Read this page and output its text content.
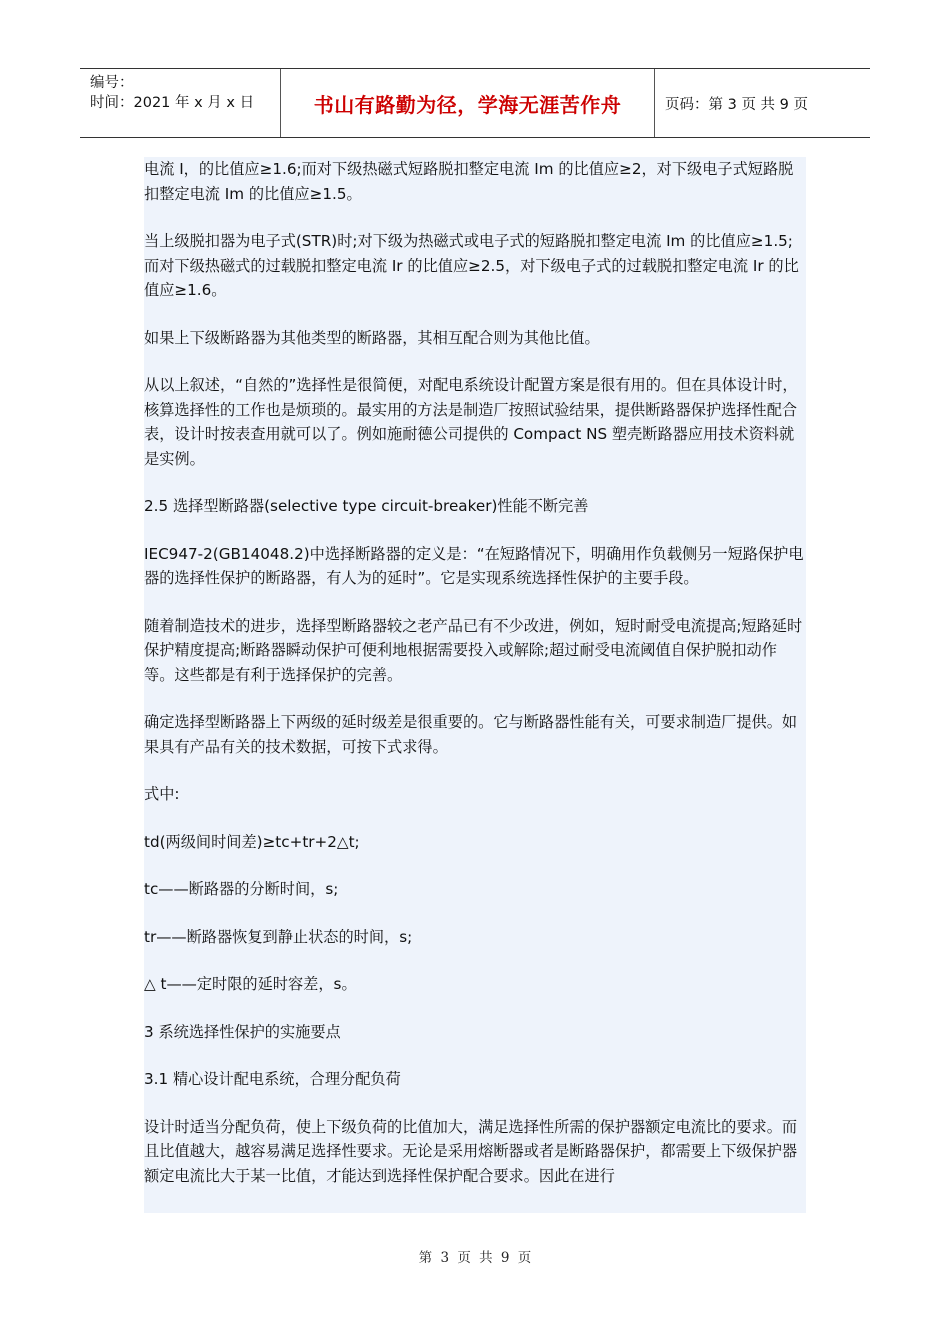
编号：
时间：2021 年 x 月 x 日	书山有路勤为径，学海无涯苦作舟	页码：第 3 页 共 9 页

电流 I，的比值应≥1.6;而对下级热磁式短路脱扣整定电流 Im 的比值应≥2，对下级电子式短路脱扣整定电流 Im 的比值应≥1.5。

当上级脱扣器为电子式(STR)时;对下级为热磁式或电子式的短路脱扣整定电流 Im 的比值应≥1.5;而对下级热磁式的过载脱扣整定电流 Ir 的比值应≥2.5，对下级电子式的过载脱扣整定电流 Ir 的比值应≥1.6。

如果上下级断路器为其他类型的断路器，其相互配合则为其他比值。

从以上叙述，“自然的”选择性是很简便，对配电系统设计配置方案是很有用的。但在具体设计时，核算选择性的工作也是烦琐的。最实用的方法是制造厂按照试验结果，提供断路器保护选择性配合表，设计时按表查用就可以了。例如施耐德公司提供的 Compact NS 塑壳断路器应用技术资料就是实例。

2.5 选择型断路器(selective type circuit-breaker)性能不断完善

IEC947-2(GB14048.2)中选择断路器的定义是：“在短路情况下，明确用作负载侧另一短路保护电器的选择性保护的断路器，有人为的延时”。它是实现系统选择性保护的主要手段。

随着制造技术的进步，选择型断路器较之老产品已有不少改进，例如，短时耐受电流提高;短路延时保护精度提高;断路器瞬动保护可便利地根据需要投入或解除;超过耐受电流阈值自保护脱扣动作等。这些都是有利于选择保护的完善。

确定选择型断路器上下两级的延时级差是很重要的。它与断路器性能有关，可要求制造厂提供。如果具有产品有关的技术数据，可按下式求得。

式中:

td(两级间时间差)≥tc+tr+2△t;

tc——断路器的分断时间，s;

tr——断路器恢复到静止状态的时间，s;

△ t——定时限的延时容差，s。

3 系统选择性保护的实施要点

3.1 精心设计配电系统，合理分配负荷

设计时适当分配负荷，使上下级负荷的比值加大，满足选择性所需的保护器额定电流比的要求。而且比值越大，越容易满足选择性要求。无论是采用熔断器或者是断路器保护，都需要上下级保护器额定电流比大于某一比值，才能达到选择性保护配合要求。因此在进行

第 3 页 共 9 页
